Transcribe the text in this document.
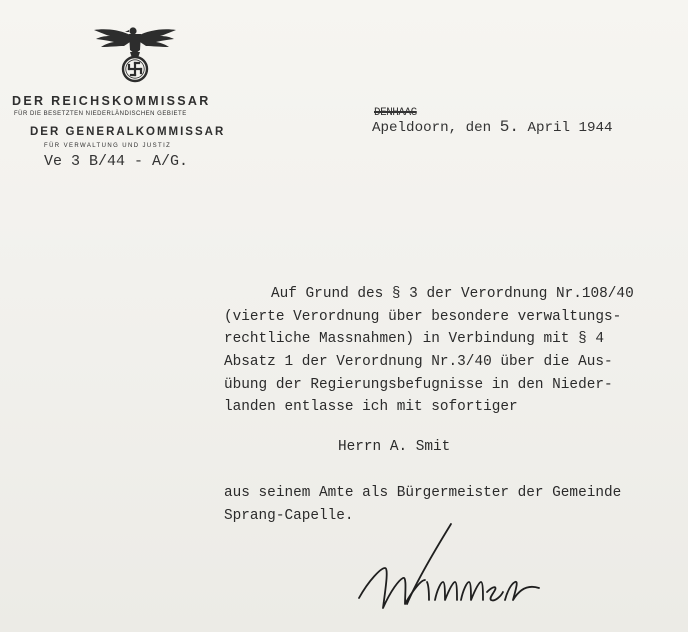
DER REICHSKOMMISSAR
FÜR DIE BESETZTEN NIEDERLÄNDISCHEN GEBIETE
DER GENERALKOMMISSAR
FÜR VERWALTUNG UND JUSTIZ
Ve 3 B/44 - A/G.
DENHAAG
Apeldoorn, den 5. April 1944
Auf Grund des § 3 der Verordnung Nr.108/40
(vierte Verordnung über besondere verwaltungs-
rechtliche Massnahmen) in Verbindung mit § 4
Absatz 1 der Verordnung Nr.3/40 über die Aus-
übung der Regierungsbefugnisse in den Nieder-
landen entlasse ich mit sofortiger
Herrn A. Smit
aus seinem Amte als Bürgermeister der Gemeinde
Sprang-Capelle.
